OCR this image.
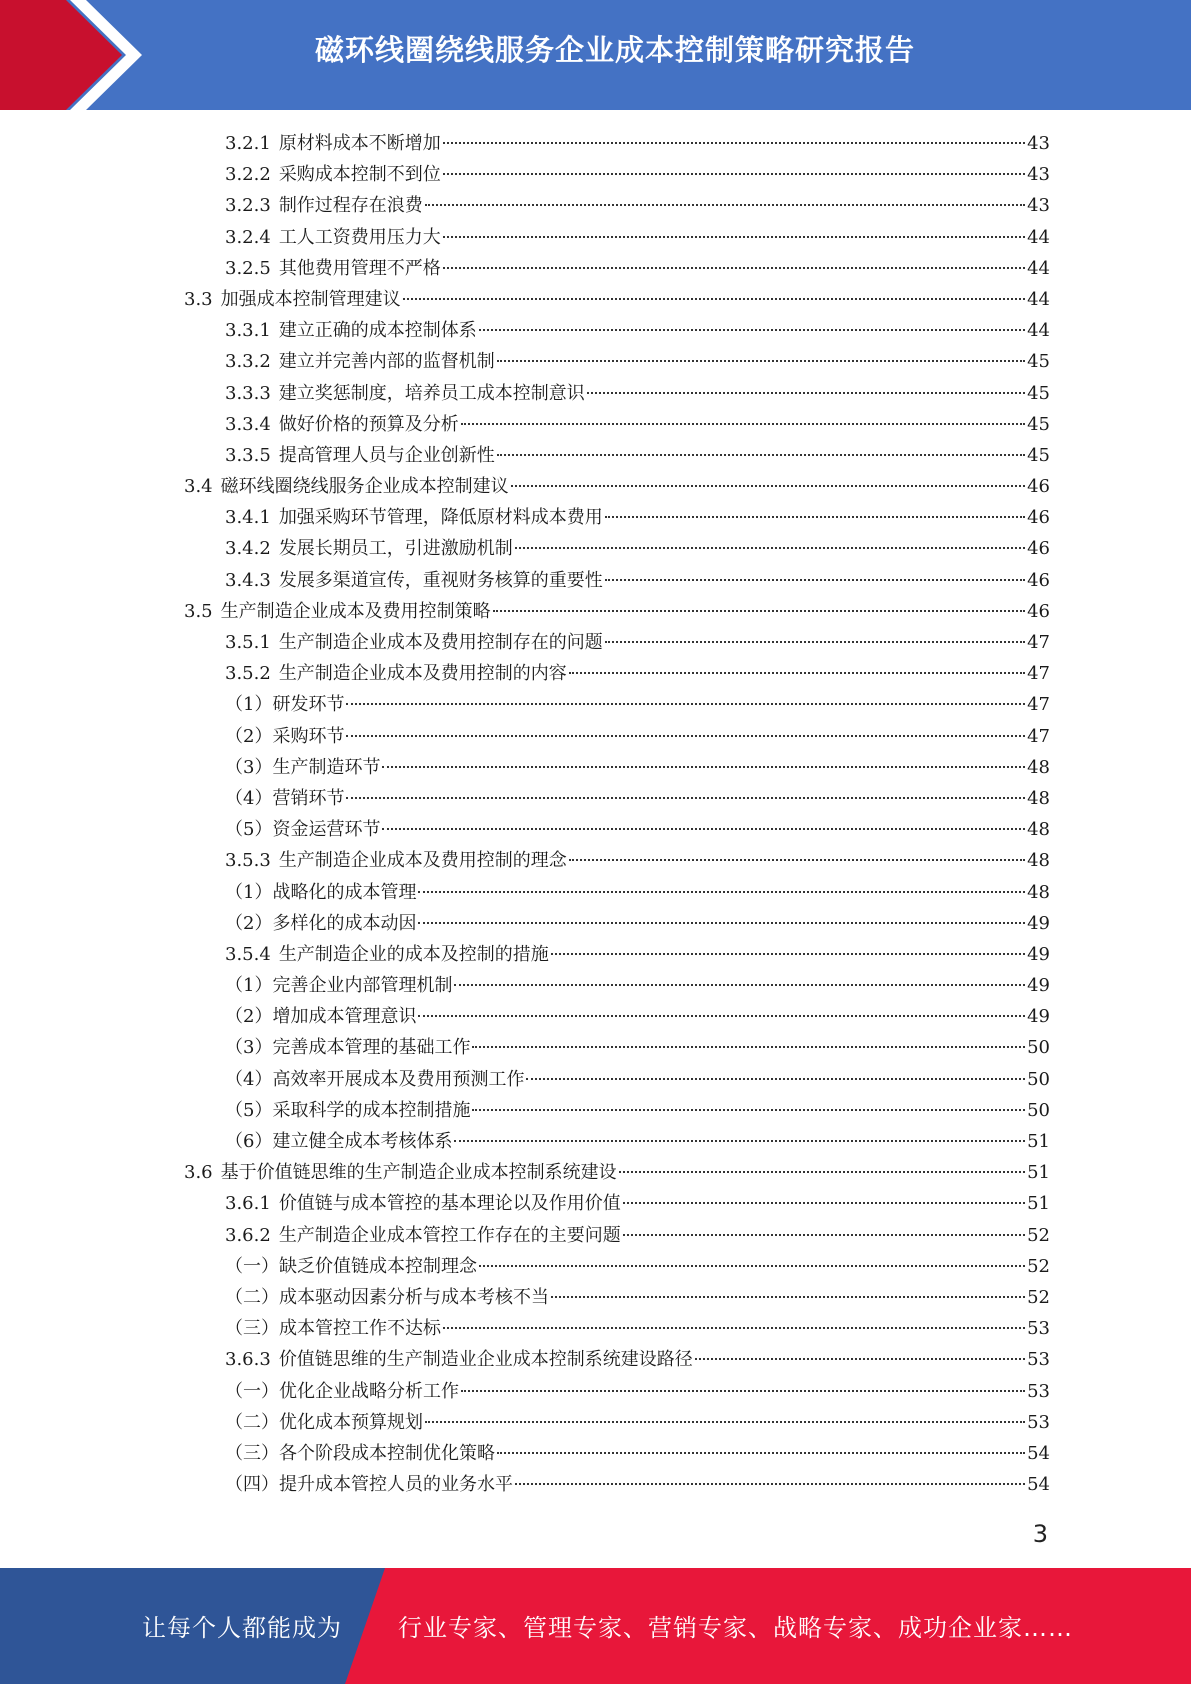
磁环线圈绕线服务企业成本控制策略研究报告
3.2.1 原材料成本不断增加	43
3.2.2 采购成本控制不到位	43
3.2.3 制作过程存在浪费	43
3.2.4 工人工资费用压力大	44
3.2.5 其他费用管理不严格	44
3.3 加强成本控制管理建议	44
3.3.1 建立正确的成本控制体系	44
3.3.2 建立并完善内部的监督机制	45
3.3.3 建立奖惩制度，培养员工成本控制意识	45
3.3.4 做好价格的预算及分析	45
3.3.5 提高管理人员与企业创新性	45
3.4 磁环线圈绕线服务企业成本控制建议	46
3.4.1 加强采购环节管理，降低原材料成本费用	46
3.4.2 发展长期员工，引进激励机制	46
3.4.3 发展多渠道宣传，重视财务核算的重要性	46
3.5 生产制造企业成本及费用控制策略	46
3.5.1 生产制造企业成本及费用控制存在的问题	47
3.5.2 生产制造企业成本及费用控制的内容	47
（1）研发环节	47
（2）采购环节	47
（3）生产制造环节	48
（4）营销环节	48
（5）资金运营环节	48
3.5.3 生产制造企业成本及费用控制的理念	48
（1）战略化的成本管理	48
（2）多样化的成本动因	49
3.5.4 生产制造企业的成本及控制的措施	49
（1）完善企业内部管理机制	49
（2）增加成本管理意识	49
（3）完善成本管理的基础工作	50
（4）高效率开展成本及费用预测工作	50
（5）采取科学的成本控制措施	50
（6）建立健全成本考核体系	51
3.6 基于价值链思维的生产制造企业成本控制系统建设	51
3.6.1 价值链与成本管控的基本理论以及作用价值	51
3.6.2 生产制造企业成本管控工作存在的主要问题	52
（一）缺乏价值链成本控制理念	52
（二）成本驱动因素分析与成本考核不当	52
（三）成本管控工作不达标	53
3.6.3 价值链思维的生产制造业企业成本控制系统建设路径	53
（一）优化企业战略分析工作	53
（二）优化成本预算规划	53
（三）各个阶段成本控制优化策略	54
（四）提升成本管控人员的业务水平	54
3
让每个人都能成为 行业专家、管理专家、营销专家、战略专家、成功企业家……
